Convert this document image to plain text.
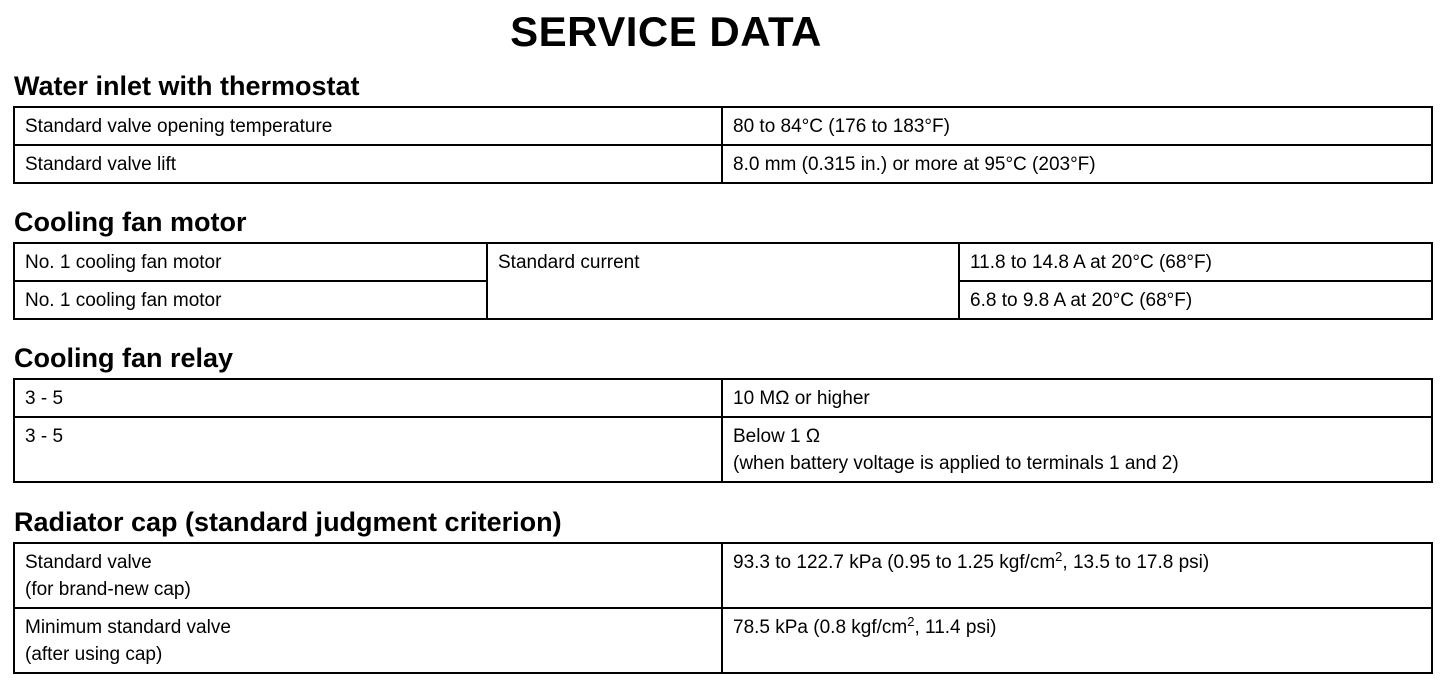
SERVICE DATA
Water inlet with thermostat
Standard valve opening temperature	80 to 84°C (176 to 183°F)
Standard valve lift	8.0 mm (0.315 in.) or more at 95°C (203°F)
Cooling fan motor
No. 1 cooling fan motor	Standard current	11.8 to 14.8 A at 20°C (68°F)
No. 1 cooling fan motor		6.8 to 9.8 A at 20°C (68°F)
Cooling fan relay
3 - 5	10 MΩ or higher
3 - 5	Below 1 Ω
(when battery voltage is applied to terminals 1 and 2)
Radiator cap (standard judgment criterion)
Standard valve
(for brand-new cap)	93.3 to 122.7 kPa (0.95 to 1.25 kgf/$cm^2$, 13.5 to 17.8 psi)

Minimum standard valve
(after using cap)	78.5 kPa (0.8 kgf/$cm^2$, 11.4 psi)
